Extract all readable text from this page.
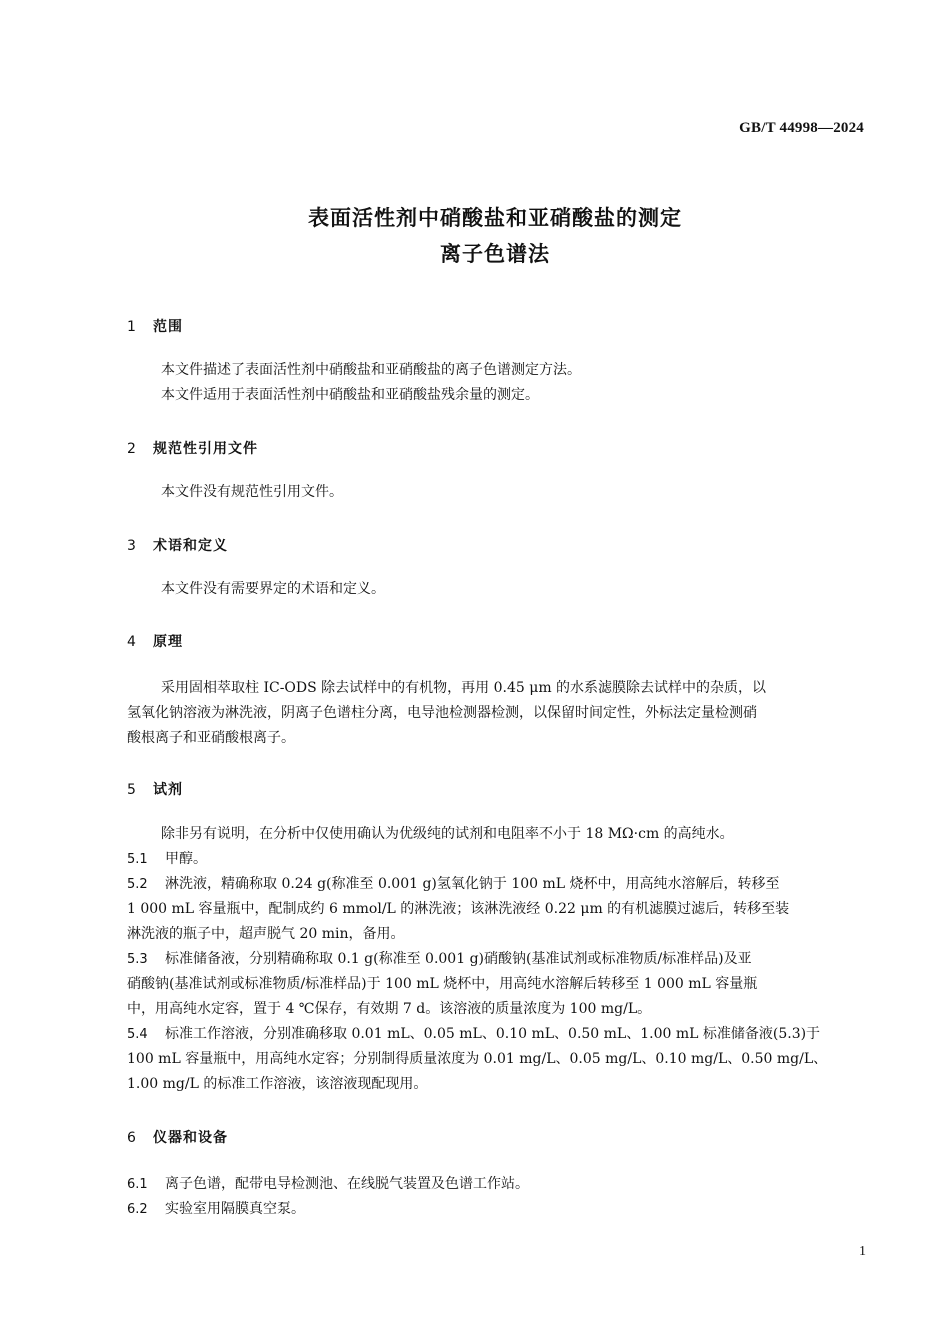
GB/T 44998—2024
表面活性剂中硝酸盐和亚硝酸盐的测定
离子色谱法
1 范围
本文件描述了表面活性剂中硝酸盐和亚硝酸盐的离子色谱测定方法。
本文件适用于表面活性剂中硝酸盐和亚硝酸盐残余量的测定。
2 规范性引用文件
本文件没有规范性引用文件。
3 术语和定义
本文件没有需要界定的术语和定义。
4 原理
采用固相萃取柱 IC-ODS 除去试样中的有机物，再用 0.45 μm 的水系滤膜除去试样中的杂质，以
氢氧化钠溶液为淋洗液，阴离子色谱柱分离，电导池检测器检测，以保留时间定性，外标法定量检测硝
酸根离子和亚硝酸根离子。
5 试剂
除非另有说明，在分析中仅使用确认为优级纯的试剂和电阻率不小于 18 MΩ·cm 的高纯水。
5.1 甲醇。
5.2 淋洗液，精确称取 0.24 g(称准至 0.001 g)氢氧化钠于 100 mL 烧杯中，用高纯水溶解后，转移至
1 000 mL 容量瓶中，配制成约 6 mmol/L 的淋洗液；该淋洗液经 0.22 μm 的有机滤膜过滤后，转移至装
淋洗液的瓶子中，超声脱气 20 min，备用。
5.3 标准储备液，分别精确称取 0.1 g(称准至 0.001 g)硝酸钠(基准试剂或标准物质/标准样品)及亚
硝酸钠(基准试剂或标准物质/标准样品)于 100 mL 烧杯中，用高纯水溶解后转移至 1 000 mL 容量瓶
中，用高纯水定容，置于 4 ℃保存，有效期 7 d。该溶液的质量浓度为 100 mg/L。
5.4 标准工作溶液，分别准确移取 0.01 mL、0.05 mL、0.10 mL、0.50 mL、1.00 mL 标准储备液(5.3)于
100 mL 容量瓶中，用高纯水定容；分别制得质量浓度为 0.01 mg/L、0.05 mg/L、0.10 mg/L、0.50 mg/L、
1.00 mg/L 的标准工作溶液，该溶液现配现用。
6 仪器和设备
6.1 离子色谱，配带电导检测池、在线脱气装置及色谱工作站。
6.2 实验室用隔膜真空泵。
1
